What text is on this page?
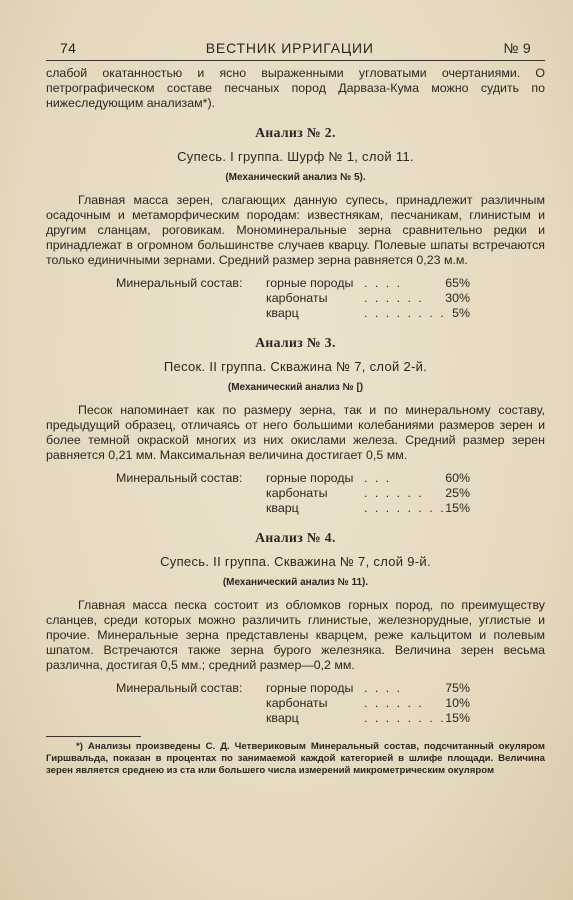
74	ВЕСТНИК ИРРИГАЦИИ	№ 9

слабой окатанностью и ясно выраженными угловатыми очертаниями. О петрографическом составе песчаных пород Дарваза-Кума можно судить по нижеследующим анализам*).

Анализ № 2.
Супесь. I группа. Шурф № 1, слой 11.
(Механический анализ № 5).

Главная масса зерен, слагающих данную супесь, принадлежит различным осадочным и метаморфическим породам: известнякам, песчаникам, глинистым и другим сланцам, роговикам. Мономинеральные зерна сравнительно редки и принадлежат в огромном большинстве случаев кварцу. Полевые шпаты встречаются только единичными зернами. Средний размер зерна равняется 0,23 м.м.

Минеральный состав:	горные породы . . . .	65%
карбонаты	. . . . . .	30%
кварц	. . . . . . . . 5%
Анализ № 3.
Песок. II группа. Скважина № 7, слой 2-й.
(Механический анализ № [)

Песок напоминает как по размеру зерна, так и по минеральному составу, предыдущий образец, отличаясь от него большими колебаниями размеров зерен и более темной окраской многих из них окислами железа. Средний размер зерен равняется 0,21 мм. Максимальная величина достигает 0,5 мм.

Минеральный состав:	горные породы . . .	60%
карбонаты	. . . . . .	25%
кварц	. . . . . . . . 15%
Анализ № 4.
Супесь. II группа. Скважина № 7, слой 9-й.
(Механический анализ № 11).

Главная масса песка состоит из обломков горных пород, по преимуществу сланцев, среди которых можно различить глинистые, железнорудные, углистые и прочие. Минеральные зерна представлены кварцем, реже кальцитом и полевым шпатом. Встречаются также зерна бурого железняка. Величина зерен весьма различна, достигая 0,5 мм.; средний размер—0,2 мм.

Минеральный состав:	горные породы . . . .	75%
карбонаты	. . . . . .	10%
кварц	. . . . . . . . 15%

*) Анализы произведены С. Д. Четвериковым Минеральный состав, подсчитанный окуляром Гиршвальда, показан в процентах по занимаемой каждой категорией в шлифе площади. Величина зерен является среднею из ста или большего числа измерений микрометрическим окуляром
